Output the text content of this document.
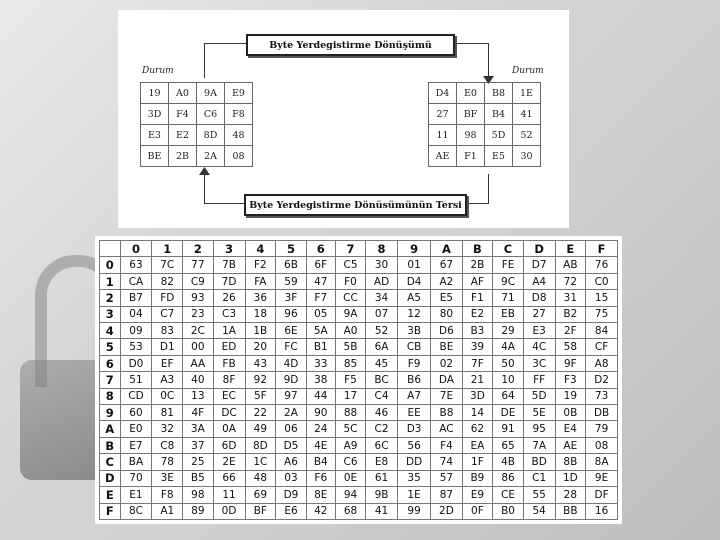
Byte Yerdegistirme Dönüşümü
Byte Yerdegistirme Dönüsümünün Tersi
Durum	Durum
19	A0	9A	E9
3D	F4	C6	F8
E3	E2	8D	48
BE	2B	2A	08
D4	E0	B8	1E
27	BF	B4	41
11	98	5D	52
AE	F1	E5	30
	0	1	2	3	4	5	6	7	8	9	A	B	C	D	E	F
0	63	7C	77	7B	F2	6B	6F	C5	30	01	67	2B	FE	D7	AB	76
1	CA	82	C9	7D	FA	59	47	F0	AD	D4	A2	AF	9C	A4	72	C0
2	B7	FD	93	26	36	3F	F7	CC	34	A5	E5	F1	71	D8	31	15
3	04	C7	23	C3	18	96	05	9A	07	12	80	E2	EB	27	B2	75
4	09	83	2C	1A	1B	6E	5A	A0	52	3B	D6	B3	29	E3	2F	84
5	53	D1	00	ED	20	FC	B1	5B	6A	CB	BE	39	4A	4C	58	CF
6	D0	EF	AA	FB	43	4D	33	85	45	F9	02	7F	50	3C	9F	A8
7	51	A3	40	8F	92	9D	38	F5	BC	B6	DA	21	10	FF	F3	D2
8	CD	0C	13	EC	5F	97	44	17	C4	A7	7E	3D	64	5D	19	73
9	60	81	4F	DC	22	2A	90	88	46	EE	B8	14	DE	5E	0B	DB
A	E0	32	3A	0A	49	06	24	5C	C2	D3	AC	62	91	95	E4	79
B	E7	C8	37	6D	8D	D5	4E	A9	6C	56	F4	EA	65	7A	AE	08
C	BA	78	25	2E	1C	A6	B4	C6	E8	DD	74	1F	4B	BD	8B	8A
D	70	3E	B5	66	48	03	F6	0E	61	35	57	B9	86	C1	1D	9E
E	E1	F8	98	11	69	D9	8E	94	9B	1E	87	E9	CE	55	28	DF
F	8C	A1	89	0D	BF	E6	42	68	41	99	2D	0F	B0	54	BB	16
